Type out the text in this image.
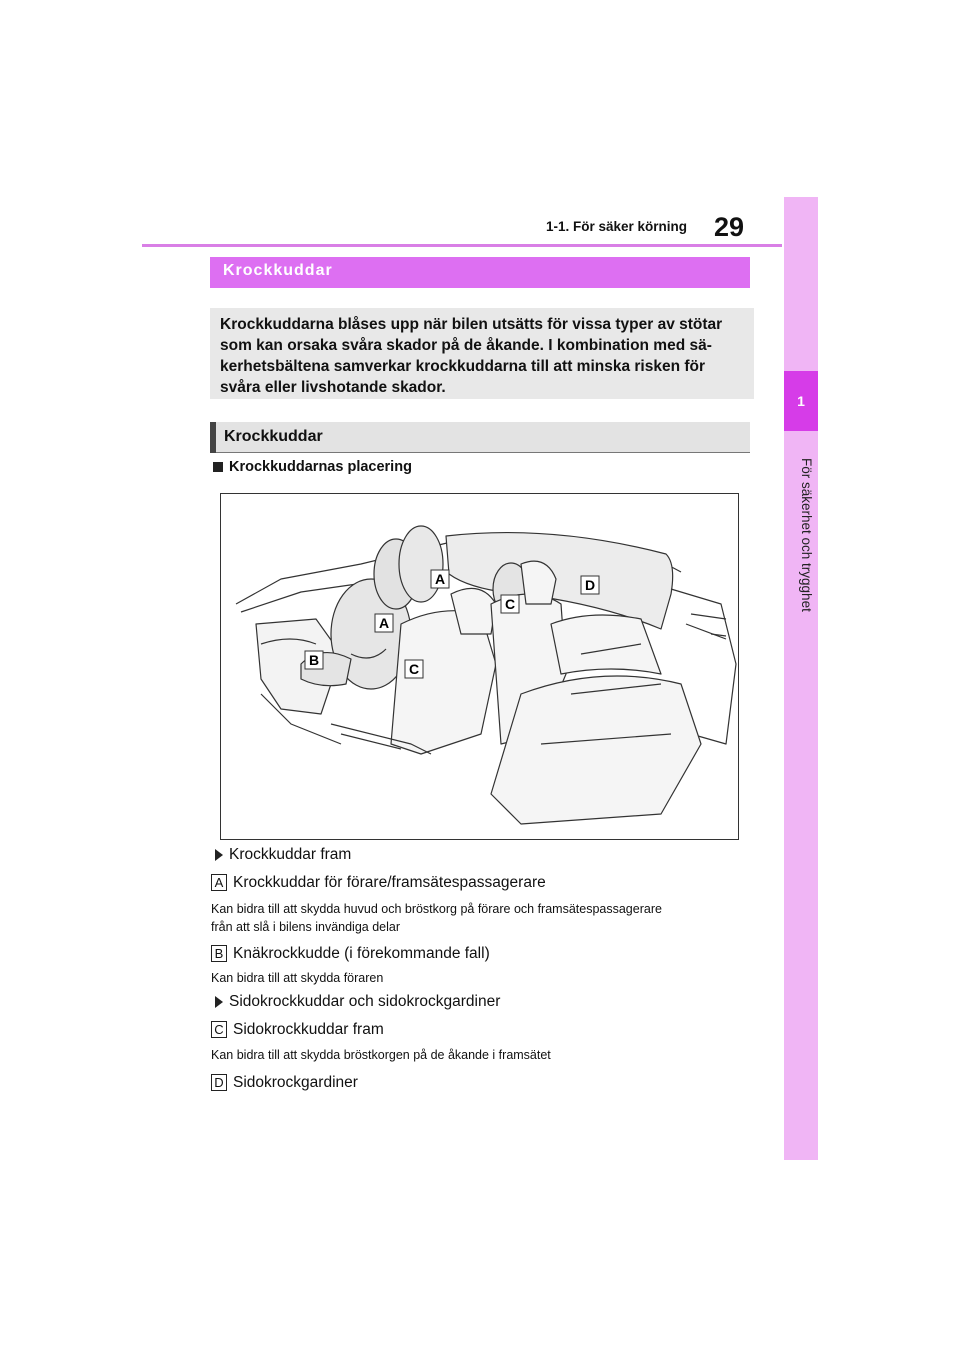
1-1. För säker körning 29
1
För säkerhet och trygghet
Krockkuddar

Krockkuddarna blåses upp när bilen utsätts för vissa typer av stötar

som kan orsaka svåra skador på de åkande. I kombination med sä-

kerhetsbältena samverkar krockkuddarna till att minska risken för

svåra eller livshotande skador.

Krockkuddar
Krockkuddarnas placering
A
A
B
C
C
D
Krockkuddar fram
A Krockkuddar för förare/framsätespassagerare

Kan bidra till att skydda huvud och bröstkorg på förare och framsätespassagerare

från att slå i bilens invändiga delar

B Knäkrockkudde (i förekommande fall)

Kan bidra till att skydda föraren

Sidokrockkuddar och sidokrockgardiner
C Sidokrockkuddar fram

Kan bidra till att skydda bröstkorgen på de åkande i framsätet

D Sidokrockgardiner
